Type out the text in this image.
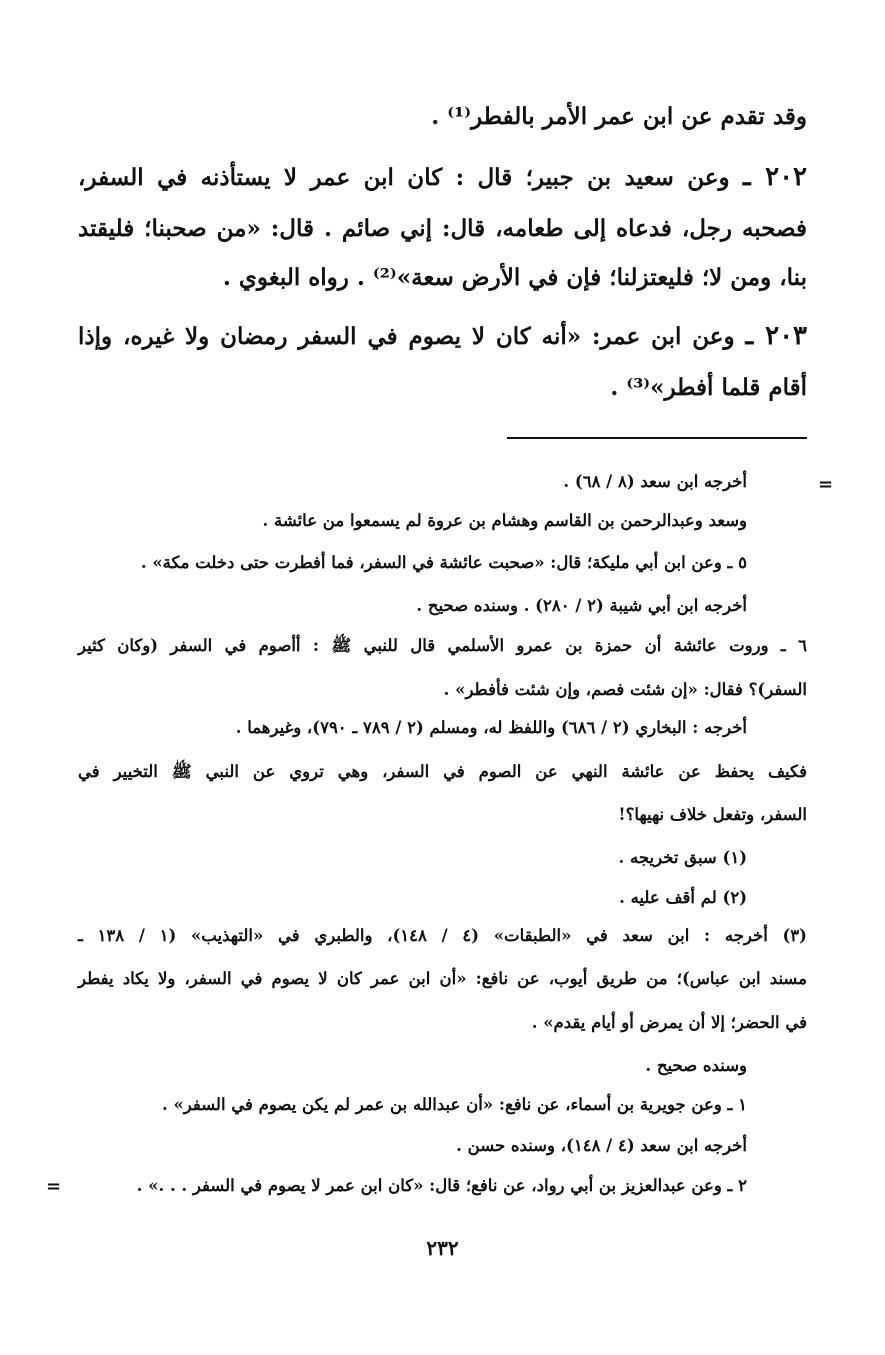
وقد تقدم عن ابن عمر الأمر بالفطر⁽¹⁾ .
٢٠٢ ـ وعن سعيد بن جبير؛ قال : كان ابن عمر لا يستأذنه في السفر،
فصحبه رجل، فدعاه إلى طعامه، قال: إني صائم . قال: «من صحبنا؛ فليقتد
بنا، ومن لا؛ فليعتزلنا؛ فإن في الأرض سعة»⁽²⁾ . رواه البغوي .
٢٠٣ ـ وعن ابن عمر: «أنه كان لا يصوم في السفر رمضان ولا غيره، وإذا
أقام قلما أفطر»⁽³⁾ .
=
أخرجه ابن سعد (٨ / ٦٨) .
وسعد وعبدالرحمن بن القاسم وهشام بن عروة لم يسمعوا من عائشة .
٥ ـ وعن ابن أبي مليكة؛ قال: «صحبت عائشة في السفر، فما أفطرت حتى دخلت مكة» .
أخرجه ابن أبي شيبة (٢ / ٢٨٠) . وسنده صحيح .
٦ ـ وروت عائشة أن حمزة بن عمرو الأسلمي قال للنبي ﷺ : أأصوم في السفر (وكان كثير
السفر)؟ فقال: «إن شئت فصم، وإن شئت فأفطر» .
أخرجه : البخاري (٢ / ٦٨٦) واللفظ له، ومسلم (٢ / ٧٨٩ ـ ٧٩٠)، وغيرهما .
فكيف يحفظ عن عائشة النهي عن الصوم في السفر، وهي تروي عن النبي ﷺ التخيير في
السفر، وتفعل خلاف نهيها؟!
(١) سبق تخريجه .
(٢) لم أقف عليه .
(٣) أخرجه : ابن سعد في «الطبقات» (٤ / ١٤٨)، والطبري في «التهذيب» (١ / ١٣٨ ـ
مسند ابن عباس)؛ من طريق أيوب، عن نافع: «أن ابن عمر كان لا يصوم في السفر، ولا يكاد يفطر
في الحضر؛ إلا أن يمرض أو أيام يقدم» .
وسنده صحيح .
١ ـ وعن جويرية بن أسماء، عن نافع: «أن عبدالله بن عمر لم يكن يصوم في السفر» .
أخرجه ابن سعد (٤ / ١٤٨)، وسنده حسن .
٢ ـ وعن عبدالعزيز بن أبي رواد، عن نافع؛ قال: «كان ابن عمر لا يصوم في السفر . . .» .
=
٢٣٢
